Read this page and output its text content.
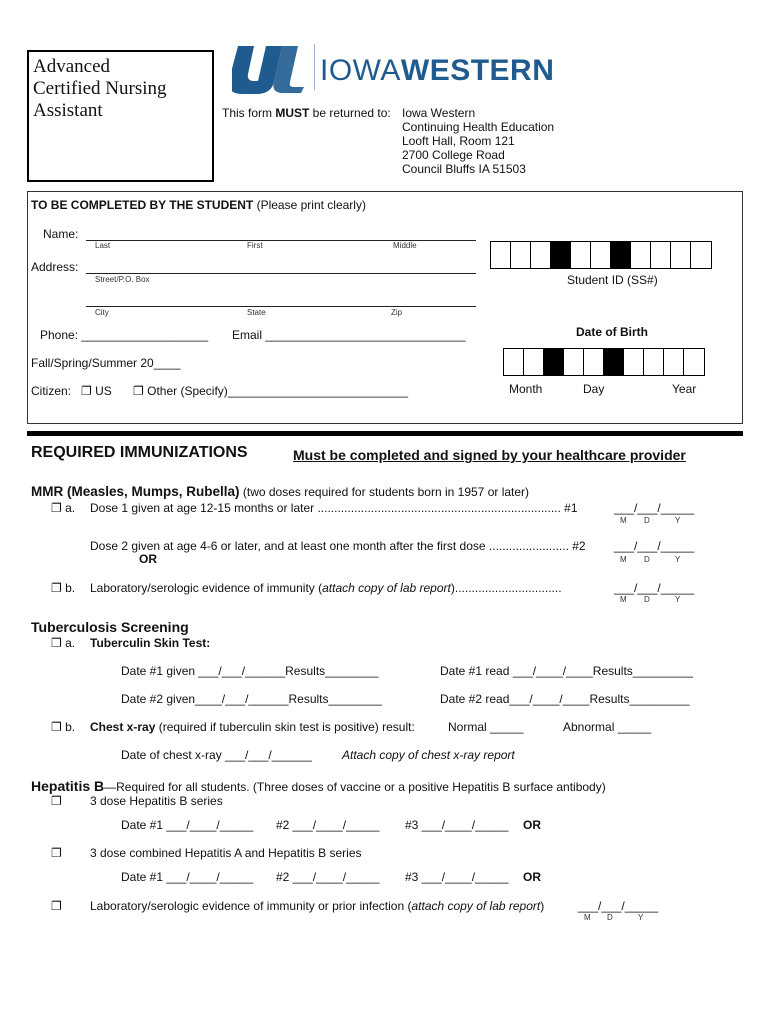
Advanced
Certified Nursing
Assistant
IOWAWESTERN
This form MUST be returned to: Iowa Western
Continuing Health Education
Looft Hall, Room 121
2700 College Road
Council Bluffs IA 51503
TO BE COMPLETED BY THE STUDENT (Please print clearly)
Name:
Last	First	Middle
Address:
Street/P.O. Box
City	State	Zip
Phone: ___________________ Email ______________________________
Fall/Spring/Summer 20____
Citizen: ❐ US ❐ Other (Specify)___________________________
Student ID (SS#)
Date of Birth
Month	Day	Year
REQUIRED IMMUNIZATIONS	Must be completed and signed by your healthcare provider
MMR (Measles, Mumps, Rubella) (two doses required for students born in 1957 or later)
❐ a. Dose 1 given at age 12-15 months or later ......................................................................... #1	___/___/_____
M D	Y
Dose 2 given at age 4-6 or later, and at least one month after the first dose ........................ #2 ___/___/_____
OR	M D	Y
❐ b. Laboratory/serologic evidence of immunity (attach copy of lab report)................................	___/___/_____
M D	Y
Tuberculosis Screening
❐ a. Tuberculin Skin Test:
Date #1 given ___/___/______Results________	Date #1 read ___/____/____Results_________
Date #2 given____/___/______Results________	Date #2 read___/____/____Results_________
❐ b. Chest x-ray (required if tuberculin skin test is positive) result:	Normal _____	Abnormal _____
Date of chest x-ray ___/___/______	Attach copy of chest x-ray report
Hepatitis B—Required for all students. (Three doses of vaccine or a positive Hepatitis B surface antibody)
❐ 3 dose Hepatitis B series
Date #1 ___/____/_____ #2 ___/____/_____ #3 ___/____/_____ OR
❐ 3 dose combined Hepatitis A and Hepatitis B series
Date #1 ___/____/_____ #2 ___/____/_____ #3 ___/____/_____ OR
❐ Laboratory/serologic evidence of immunity or prior infection (attach copy of lab report)	___/___/_____
M D	Y
